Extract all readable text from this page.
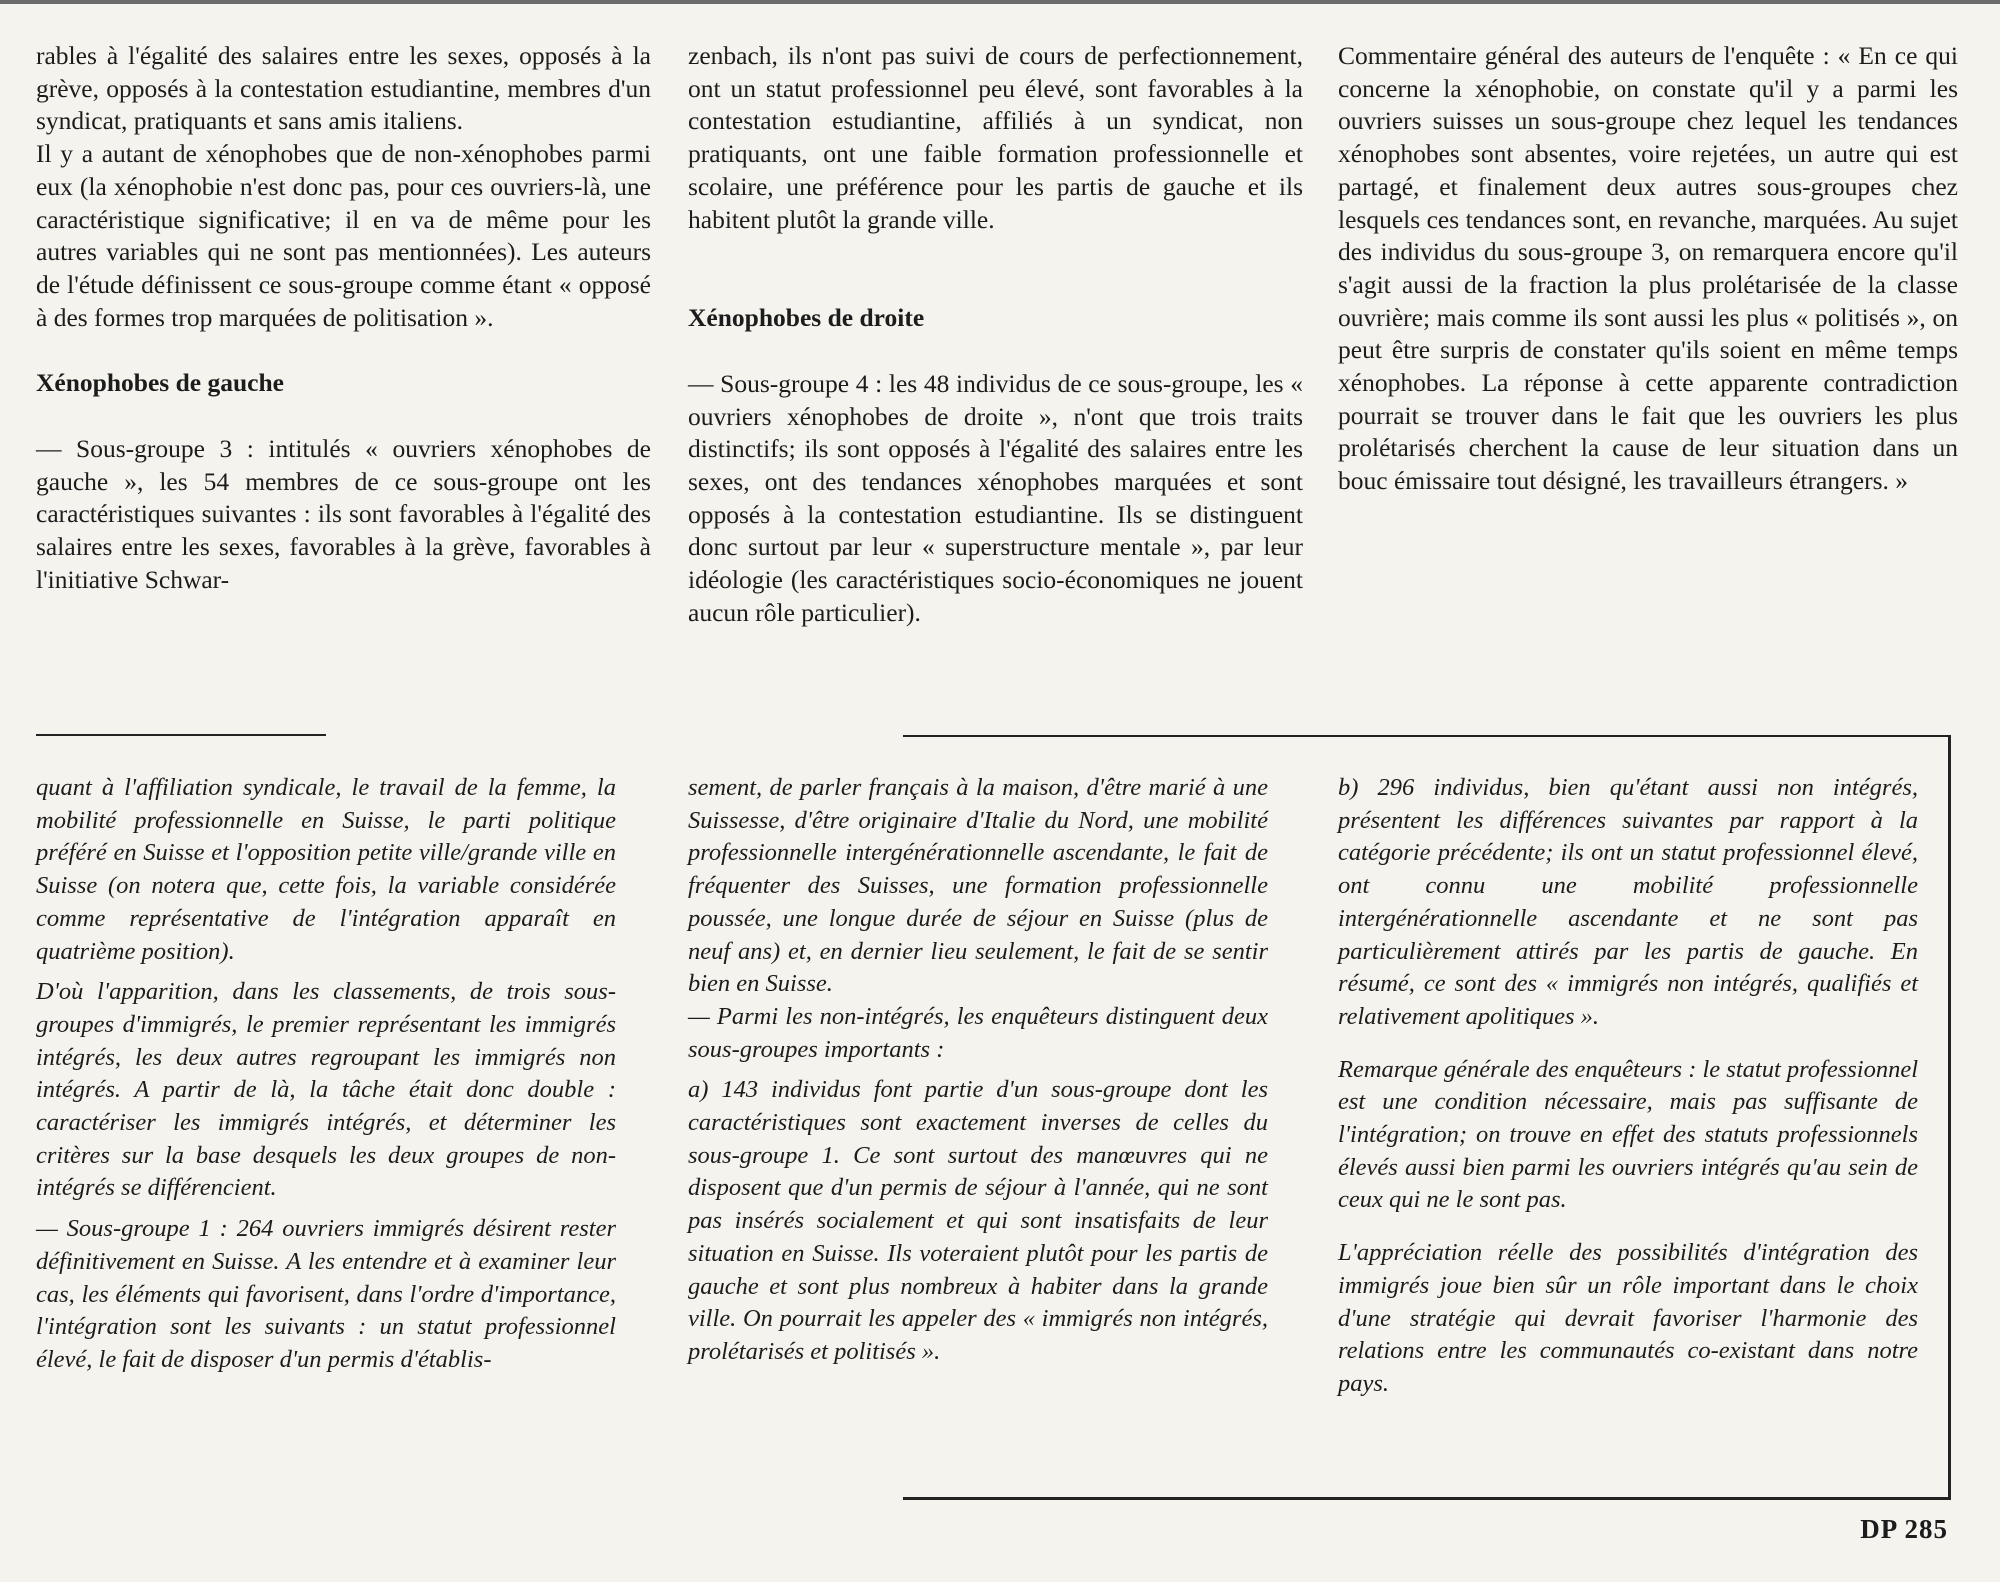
rables à l'égalité des salaires entre les sexes, opposés à la grève, opposés à la contestation estudiantine, membres d'un syndicat, pratiquants et sans amis italiens.

Il y a autant de xénophobes que de non-xénophobes parmi eux (la xénophobie n'est donc pas, pour ces ouvriers-là, une caractéristique significative; il en va de même pour les autres variables qui ne sont pas mentionnées). Les auteurs de l'étude définissent ce sous-groupe comme étant « opposé à des formes trop marquées de politisation ».

Xénophobes de gauche

— Sous-groupe 3 : intitulés « ouvriers xénophobes de gauche », les 54 membres de ce sous-groupe ont les caractéristiques suivantes : ils sont favorables à l'égalité des salaires entre les sexes, favorables à la grève, favorables à l'initiative Schwar-

zenbach, ils n'ont pas suivi de cours de perfectionnement, ont un statut professionnel peu élevé, sont favorables à la contestation estudiantine, affiliés à un syndicat, non pratiquants, ont une faible formation professionnelle et scolaire, une préférence pour les partis de gauche et ils habitent plutôt la grande ville.

Xénophobes de droite

— Sous-groupe 4 : les 48 individus de ce sous-groupe, les « ouvriers xénophobes de droite », n'ont que trois traits distinctifs; ils sont opposés à l'égalité des salaires entre les sexes, ont des tendances xénophobes marquées et sont opposés à la contestation estudiantine. Ils se distinguent donc surtout par leur « superstructure mentale », par leur idéologie (les caractéristiques socio-économiques ne jouent aucun rôle particulier).

Commentaire général des auteurs de l'enquête : « En ce qui concerne la xénophobie, on constate qu'il y a parmi les ouvriers suisses un sous-groupe chez lequel les tendances xénophobes sont absentes, voire rejetées, un autre qui est partagé, et finalement deux autres sous-groupes chez lesquels ces tendances sont, en revanche, marquées. Au sujet des individus du sous-groupe 3, on remarquera encore qu'il s'agit aussi de la fraction la plus prolétarisée de la classe ouvrière; mais comme ils sont aussi les plus « politisés », on peut être surpris de constater qu'ils soient en même temps xénophobes. La réponse à cette apparente contradiction pourrait se trouver dans le fait que les ouvriers les plus prolétarisés cherchent la cause de leur situation dans un bouc émissaire tout désigné, les travailleurs étrangers. »

quant à l'affiliation syndicale, le travail de la femme, la mobilité professionnelle en Suisse, le parti politique préféré en Suisse et l'opposition petite ville/grande ville en Suisse (on notera que, cette fois, la variable considérée comme représentative de l'intégration apparaît en quatrième position).

D'où l'apparition, dans les classements, de trois sous-groupes d'immigrés, le premier représentant les immigrés intégrés, les deux autres regroupant les immigrés non intégrés. A partir de là, la tâche était donc double : caractériser les immigrés intégrés, et déterminer les critères sur la base desquels les deux groupes de non-intégrés se différencient.

— Sous-groupe 1 : 264 ouvriers immigrés désirent rester définitivement en Suisse. A les entendre et à examiner leur cas, les éléments qui favorisent, dans l'ordre d'importance, l'intégration sont les suivants : un statut professionnel élevé, le fait de disposer d'un permis d'établis-

sement, de parler français à la maison, d'être marié à une Suissesse, d'être originaire d'Italie du Nord, une mobilité professionnelle intergénérationnelle ascendante, le fait de fréquenter des Suisses, une formation professionnelle poussée, une longue durée de séjour en Suisse (plus de neuf ans) et, en dernier lieu seulement, le fait de se sentir bien en Suisse.

— Parmi les non-intégrés, les enquêteurs distinguent deux sous-groupes importants :

a) 143 individus font partie d'un sous-groupe dont les caractéristiques sont exactement inverses de celles du sous-groupe 1. Ce sont surtout des manœuvres qui ne disposent que d'un permis de séjour à l'année, qui ne sont pas insérés socialement et qui sont insatisfaits de leur situation en Suisse. Ils voteraient plutôt pour les partis de gauche et sont plus nombreux à habiter dans la grande ville. On pourrait les appeler des « immigrés non intégrés, prolétarisés et politisés ».

b) 296 individus, bien qu'étant aussi non intégrés, présentent les différences suivantes par rapport à la catégorie précédente; ils ont un statut professionnel élevé, ont connu une mobilité professionnelle intergénérationnelle ascendante et ne sont pas particulièrement attirés par les partis de gauche. En résumé, ce sont des « immigrés non intégrés, qualifiés et relativement apolitiques ».

Remarque générale des enquêteurs : le statut professionnel est une condition nécessaire, mais pas suffisante de l'intégration; on trouve en effet des statuts professionnels élevés aussi bien parmi les ouvriers intégrés qu'au sein de ceux qui ne le sont pas.

L'appréciation réelle des possibilités d'intégration des immigrés joue bien sûr un rôle important dans le choix d'une stratégie qui devrait favoriser l'harmonie des relations entre les communautés co-existant dans notre pays.

DP 285
